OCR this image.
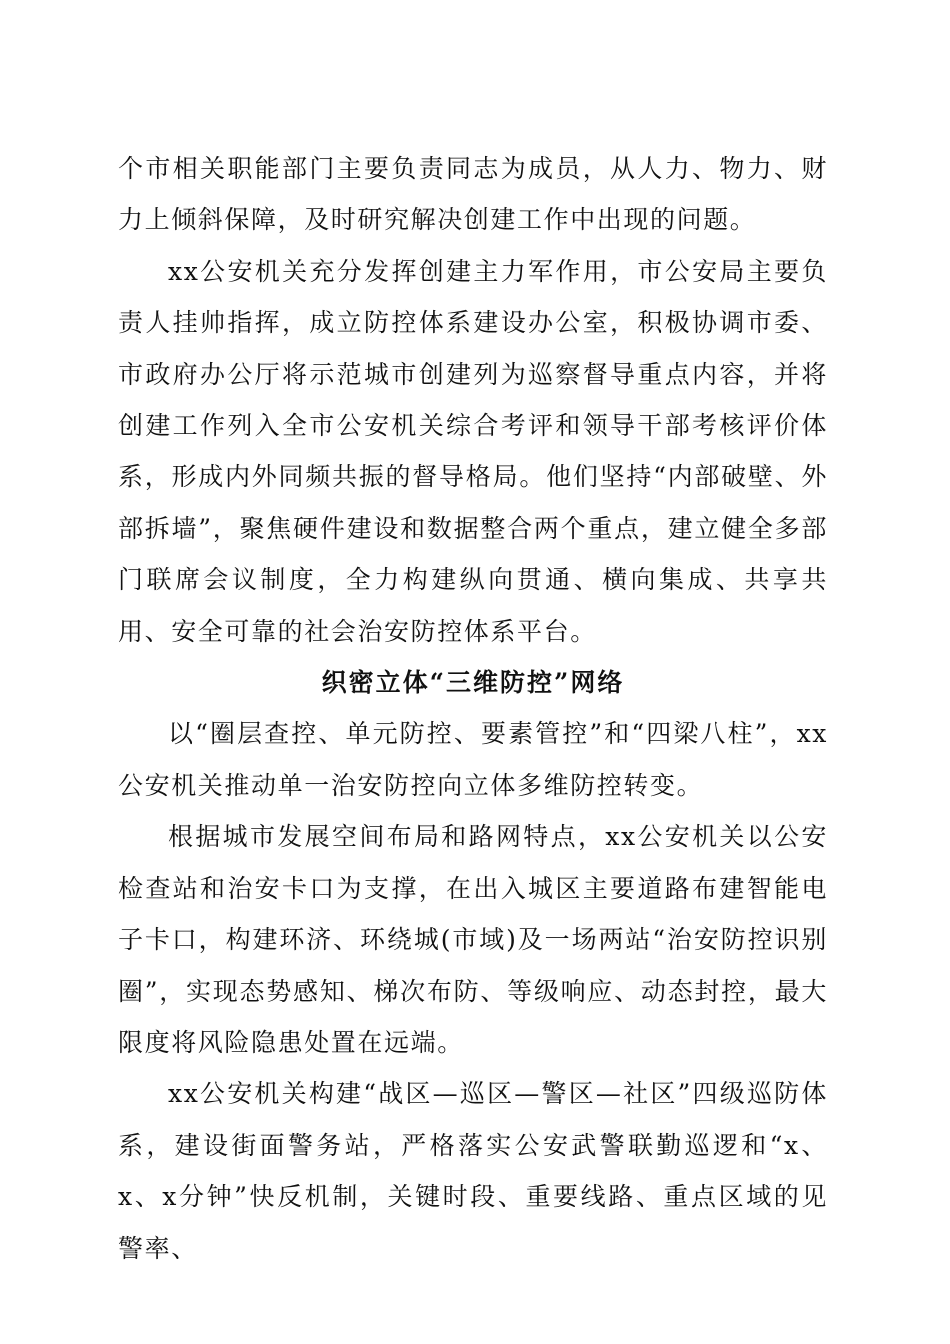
个市相关职能部门主要负责同志为成员，从人力、物力、财力上倾斜保障，及时研究解决创建工作中出现的问题。

xx公安机关充分发挥创建主力军作用，市公安局主要负责人挂帅指挥，成立防控体系建设办公室，积极协调市委、市政府办公厅将示范城市创建列为巡察督导重点内容，并将创建工作列入全市公安机关综合考评和领导干部考核评价体系，形成内外同频共振的督导格局。他们坚持“内部破壁、外部拆墙”，聚焦硬件建设和数据整合两个重点，建立健全多部门联席会议制度，全力构建纵向贯通、横向集成、共享共用、安全可靠的社会治安防控体系平台。

织密立体“三维防控”网络

以“圈层查控、单元防控、要素管控”和“四梁八柱”，xx公安机关推动单一治安防控向立体多维防控转变。

根据城市发展空间布局和路网特点，xx公安机关以公安检查站和治安卡口为支撑，在出入城区主要道路布建智能电子卡口，构建环济、环绕城(市域)及一场两站“治安防控识别圈”，实现态势感知、梯次布防、等级响应、动态封控，最大限度将风险隐患处置在远端。

xx公安机关构建“战区—巡区—警区—社区”四级巡防体系，建设街面警务站，严格落实公安武警联勤巡逻和“x、x、x分钟”快反机制，关键时段、重要线路、重点区域的见警率、
